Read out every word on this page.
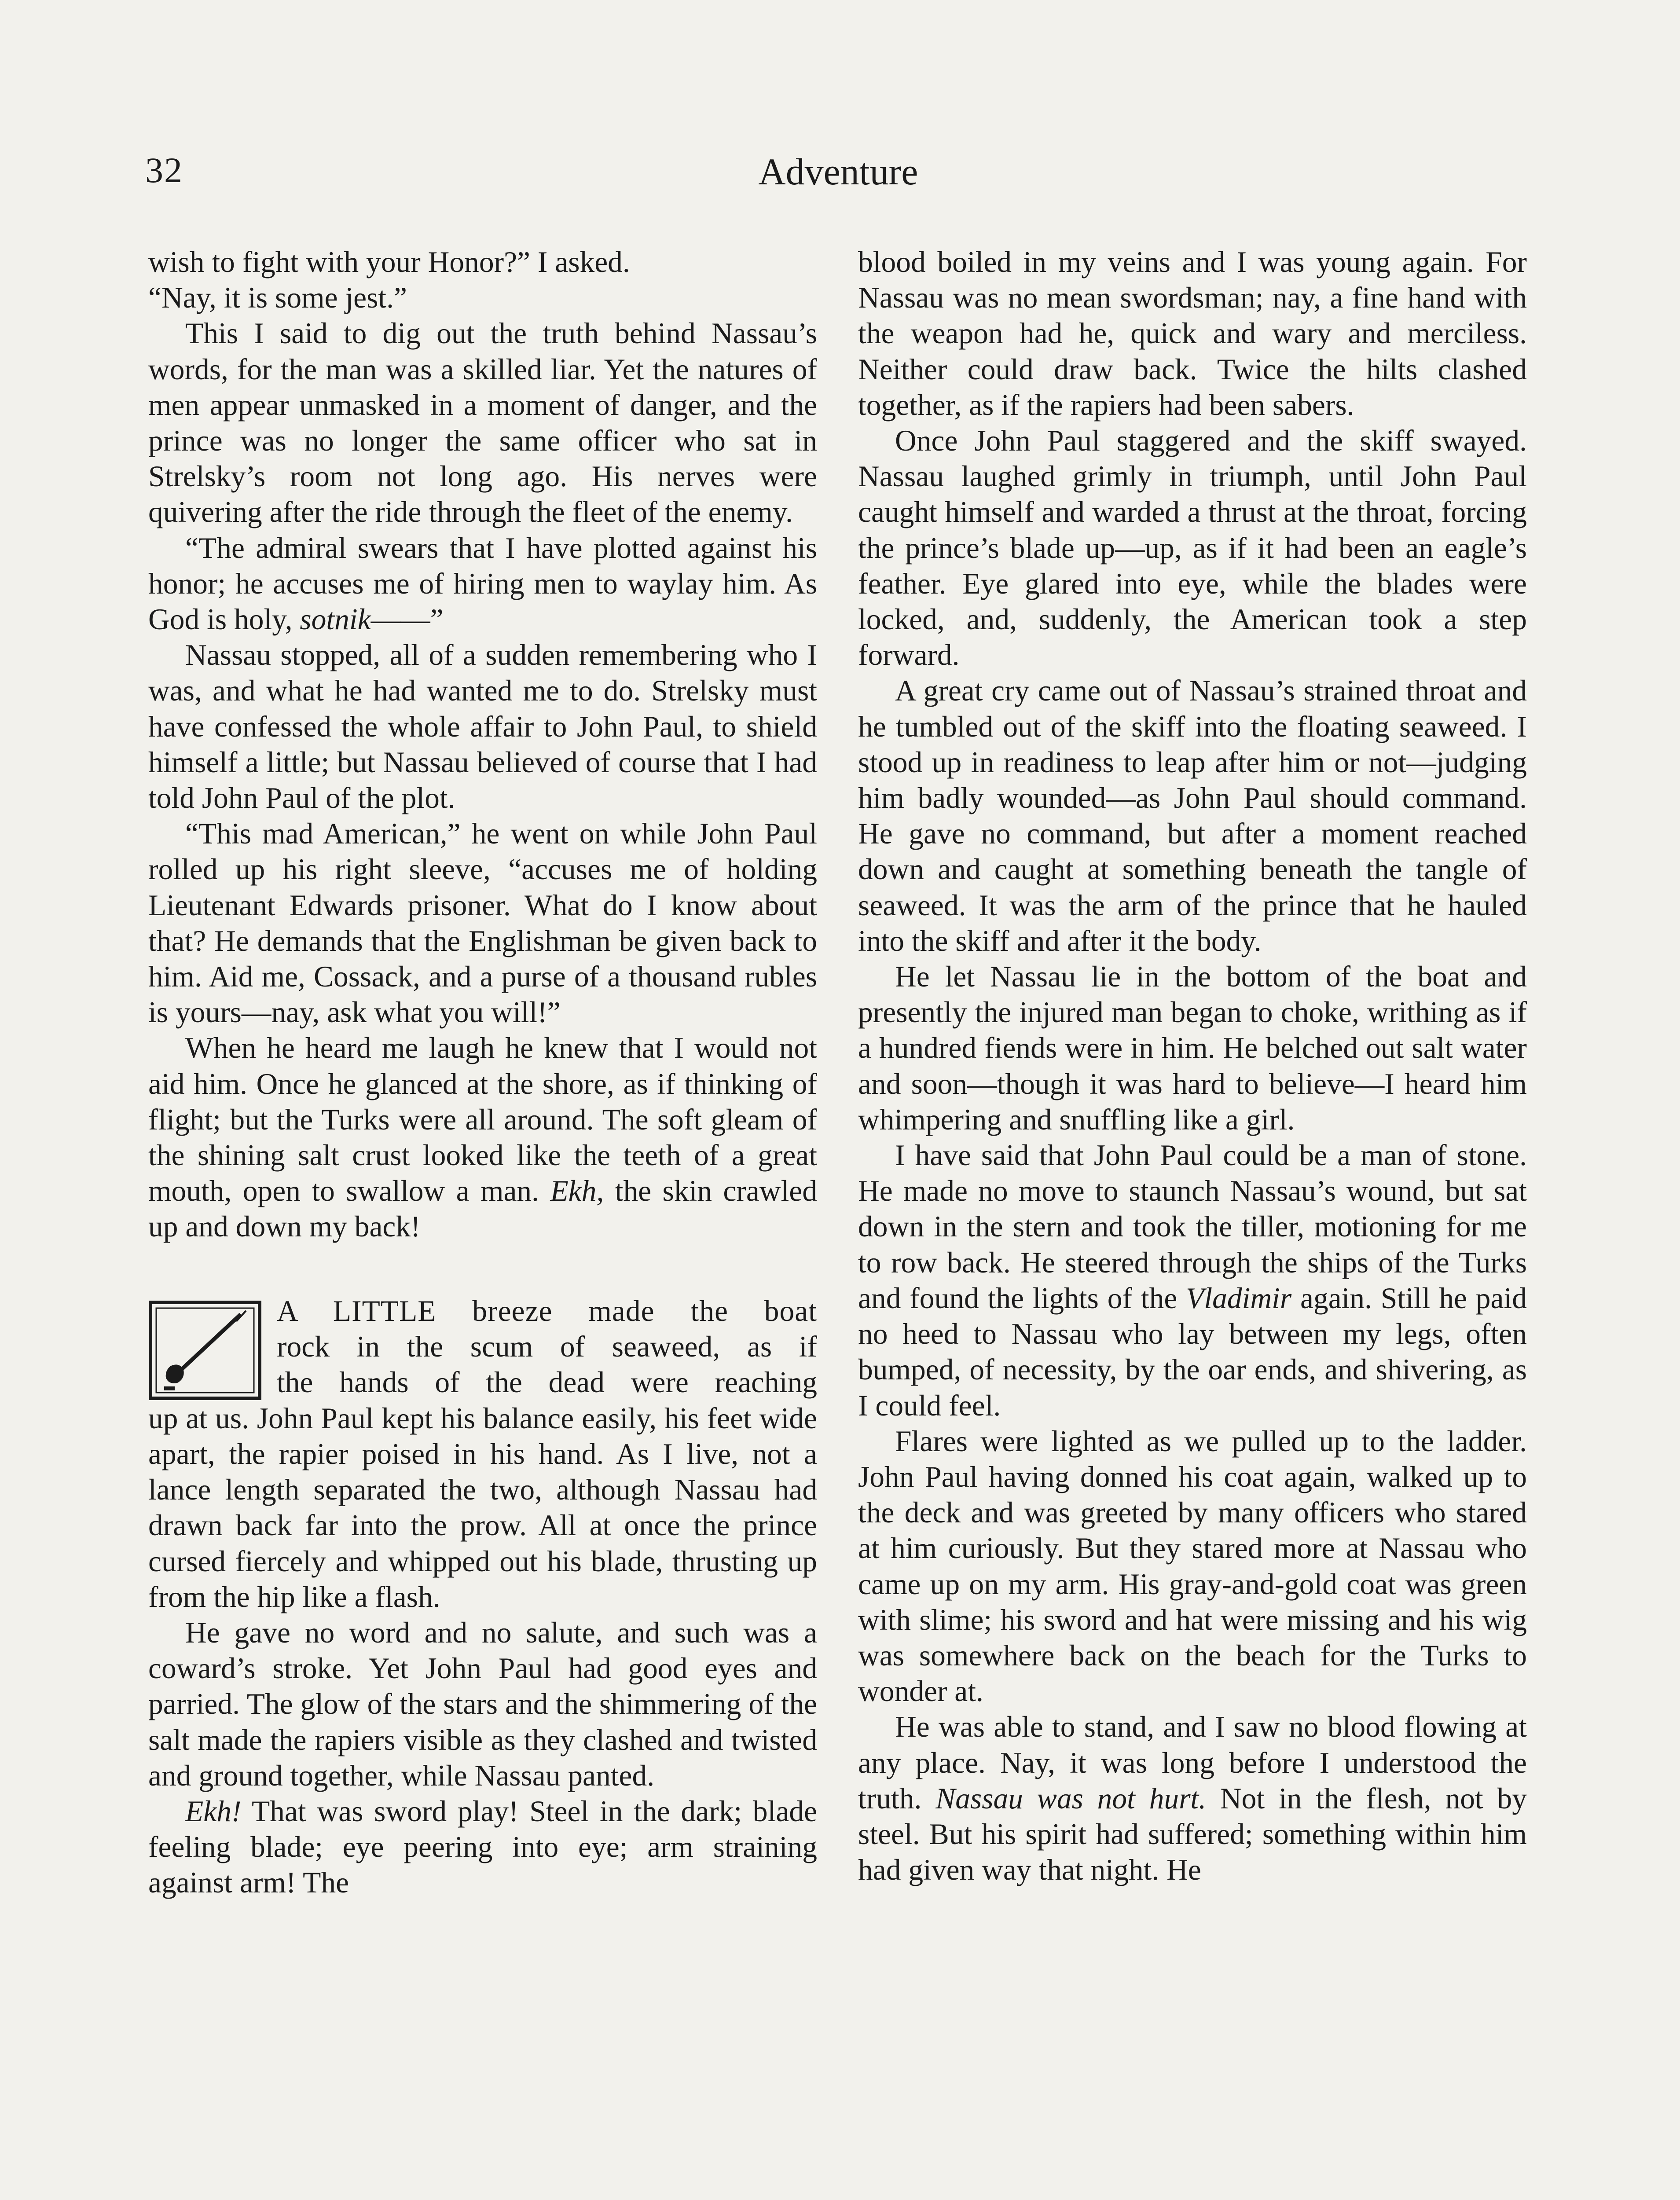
32	Adventure

wish to fight with your Honor?” I asked.

“Nay, it is some jest.”

This I said to dig out the truth behind Nassau’s words, for the man was a skilled liar. Yet the natures of men appear unmasked in a moment of danger, and the prince was no longer the same officer who sat in Strelsky’s room not long ago. His nerves were quivering after the ride through the fleet of the enemy.

“The admiral swears that I have plotted against his honor; he accuses me of hiring men to waylay him. As God is holy, sotnik——”

Nassau stopped, all of a sudden remembering who I was, and what he had wanted me to do. Strelsky must have confessed the whole affair to John Paul, to shield himself a little; but Nassau believed of course that I had told John Paul of the plot.

“This mad American,” he went on while John Paul rolled up his right sleeve, “accuses me of holding Lieutenant Edwards prisoner. What do I know about that? He demands that the Englishman be given back to him. Aid me, Cossack, and a purse of a thousand rubles is yours—nay, ask what you will!”

When he heard me laugh he knew that I would not aid him. Once he glanced at the shore, as if thinking of flight; but the Turks were all around. The soft gleam of the shining salt crust looked like the teeth of a great mouth, open to swallow a man. Ekh, the skin crawled up and down my back!

A LITTLE breeze made the boat
rock in the scum of seaweed, as if
the hands of the dead were reaching

up at us. John Paul kept his balance easily, his feet wide apart, the rapier poised in his hand. As I live, not a lance length separated the two, although Nassau had drawn back far into the prow. All at once the prince cursed fiercely and whipped out his blade, thrusting up from the hip like a flash.

He gave no word and no salute, and such was a coward’s stroke. Yet John Paul had good eyes and parried. The glow of the stars and the shimmering of the salt made the rapiers visible as they clashed and twisted and ground together, while Nassau panted.

Ekh! That was sword play! Steel in the dark; blade feeling blade; eye peering into eye; arm straining against arm! The

blood boiled in my veins and I was young again. For Nassau was no mean swordsman; nay, a fine hand with the weapon had he, quick and wary and merciless. Neither could draw back. Twice the hilts clashed together, as if the rapiers had been sabers.

Once John Paul staggered and the skiff swayed. Nassau laughed grimly in triumph, until John Paul caught himself and warded a thrust at the throat, forcing the prince’s blade up—up, as if it had been an eagle’s feather. Eye glared into eye, while the blades were locked, and, suddenly, the American took a step forward.

A great cry came out of Nassau’s strained throat and he tumbled out of the skiff into the floating seaweed. I stood up in readiness to leap after him or not—judging him badly wounded—as John Paul should command. He gave no command, but after a moment reached down and caught at something beneath the tangle of seaweed. It was the arm of the prince that he hauled into the skiff and after it the body.

He let Nassau lie in the bottom of the boat and presently the injured man began to choke, writhing as if a hundred fiends were in him. He belched out salt water and soon—though it was hard to believe—I heard him whimpering and snuffling like a girl.

I have said that John Paul could be a man of stone. He made no move to staunch Nassau’s wound, but sat down in the stern and took the tiller, motioning for me to row back. He steered through the ships of the Turks and found the lights of the Vladimir again. Still he paid no heed to Nassau who lay between my legs, often bumped, of necessity, by the oar ends, and shivering, as I could feel.

Flares were lighted as we pulled up to the ladder. John Paul having donned his coat again, walked up to the deck and was greeted by many officers who stared at him curiously. But they stared more at Nassau who came up on my arm. His gray-and-gold coat was green with slime; his sword and hat were missing and his wig was somewhere back on the beach for the Turks to wonder at.

He was able to stand, and I saw no blood flowing at any place. Nay, it was long before I understood the truth. Nassau was not hurt. Not in the flesh, not by steel. But his spirit had suffered; something within him had given way that night. He
